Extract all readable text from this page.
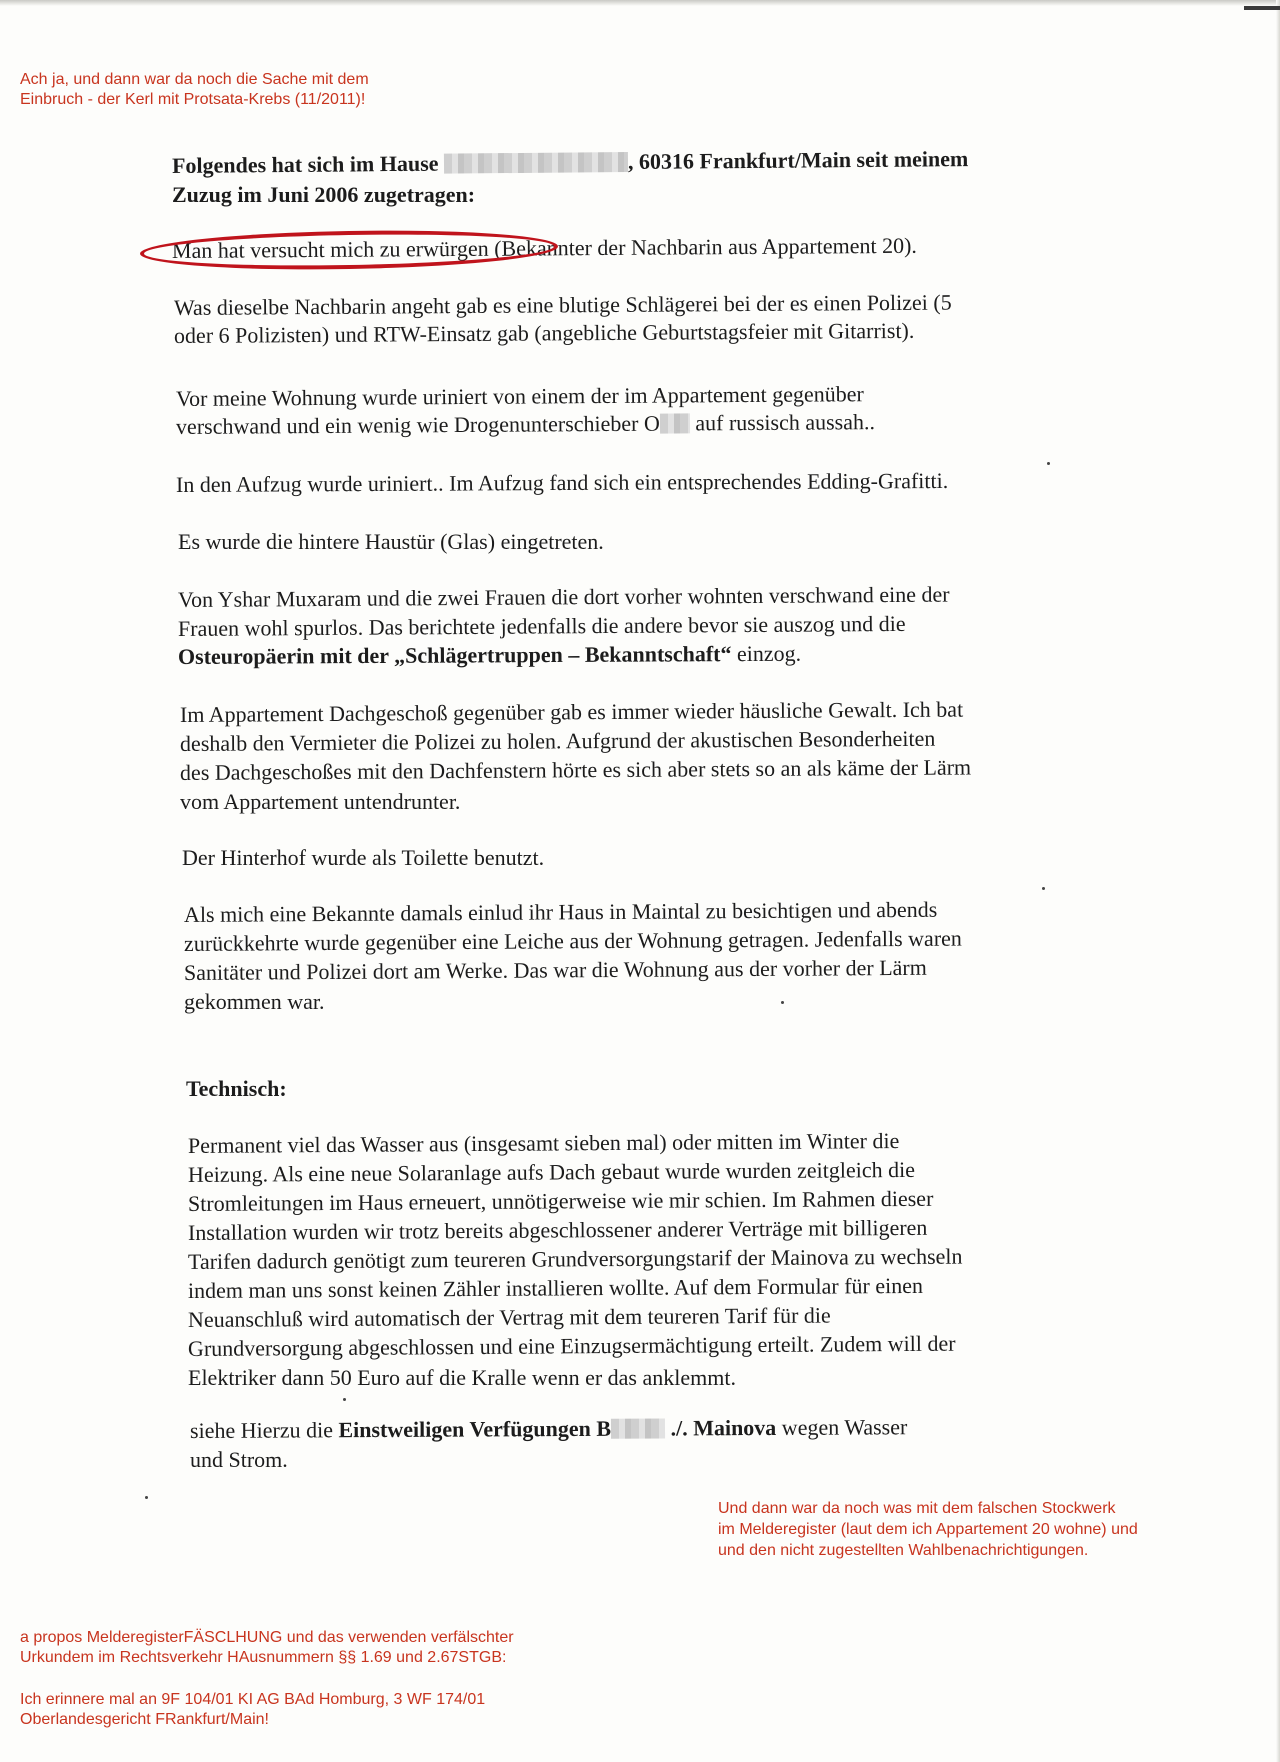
Ach ja, und dann war da noch die Sache mit dem

Einbruch - der Kerl mit Protsata-Krebs (11/2011)!

Folgendes hat sich im Hause	, 60316 Frankfurt/Main seit meinem

Zuzug im Juni 2006 zugetragen:

Man hat versucht mich zu erwürgen (Bekannter der Nachbarin aus Appartement 20).

Was dieselbe Nachbarin angeht gab es eine blutige Schlägerei bei der es einen Polizei (5

oder 6 Polizisten) und RTW-Einsatz gab (angebliche Geburtstagsfeier mit Gitarrist).

Vor meine Wohnung wurde uriniert von einem der im Appartement gegenüber

verschwand und ein wenig wie Drogenunterschieber O auf russisch aussah..

In den Aufzug wurde uriniert.. Im Aufzug fand sich ein entsprechendes Edding-Grafitti.

Es wurde die hintere Haustür (Glas) eingetreten.

Von Yshar Muxaram und die zwei Frauen die dort vorher wohnten verschwand eine der

Frauen wohl spurlos. Das berichtete jedenfalls die andere bevor sie auszog und die

Osteuropäerin mit der „Schlägertruppen – Bekanntschaft“ einzog.

Im Appartement Dachgeschoß gegenüber gab es immer wieder häusliche Gewalt. Ich bat

deshalb den Vermieter die Polizei zu holen. Aufgrund der akustischen Besonderheiten

des Dachgeschoßes mit den Dachfenstern hörte es sich aber stets so an als käme der Lärm

vom Appartement untendrunter.

Der Hinterhof wurde als Toilette benutzt.

Als mich eine Bekannte damals einlud ihr Haus in Maintal zu besichtigen und abends

zurückkehrte wurde gegenüber eine Leiche aus der Wohnung getragen. Jedenfalls waren

Sanitäter und Polizei dort am Werke. Das war die Wohnung aus der vorher der Lärm

gekommen war.

Technisch:

Permanent viel das Wasser aus (insgesamt sieben mal) oder mitten im Winter die

Heizung. Als eine neue Solaranlage aufs Dach gebaut wurde wurden zeitgleich die

Stromleitungen im Haus erneuert, unnötigerweise wie mir schien. Im Rahmen dieser

Installation wurden wir trotz bereits abgeschlossener anderer Verträge mit billigeren

Tarifen dadurch genötigt zum teureren Grundversorgungstarif der Mainova zu wechseln

indem man uns sonst keinen Zähler installieren wollte. Auf dem Formular für einen

Neuanschluß wird automatisch der Vertrag mit dem teureren Tarif für die

Grundversorgung abgeschlossen und eine Einzugsermächtigung erteilt. Zudem will der

Elektriker dann 50 Euro auf die Kralle wenn er das anklemmt.

siehe Hierzu die Einstweiligen Verfügungen B ./. Mainova wegen Wasser

und Strom.

Und dann war da noch was mit dem falschen Stockwerk

im Melderegister (laut dem ich Appartement 20 wohne) und

und den nicht zugestellten Wahlbenachrichtigungen.

a propos MelderegisterFÄSCLHUNG und das verwenden verfälschter

Urkundem im Rechtsverkehr HAusnummern §§ 1.69 und 2.67STGB:

Ich erinnere mal an 9F 104/01 KI AG BAd Homburg, 3 WF 174/01

Oberlandesgericht FRankfurt/Main!
